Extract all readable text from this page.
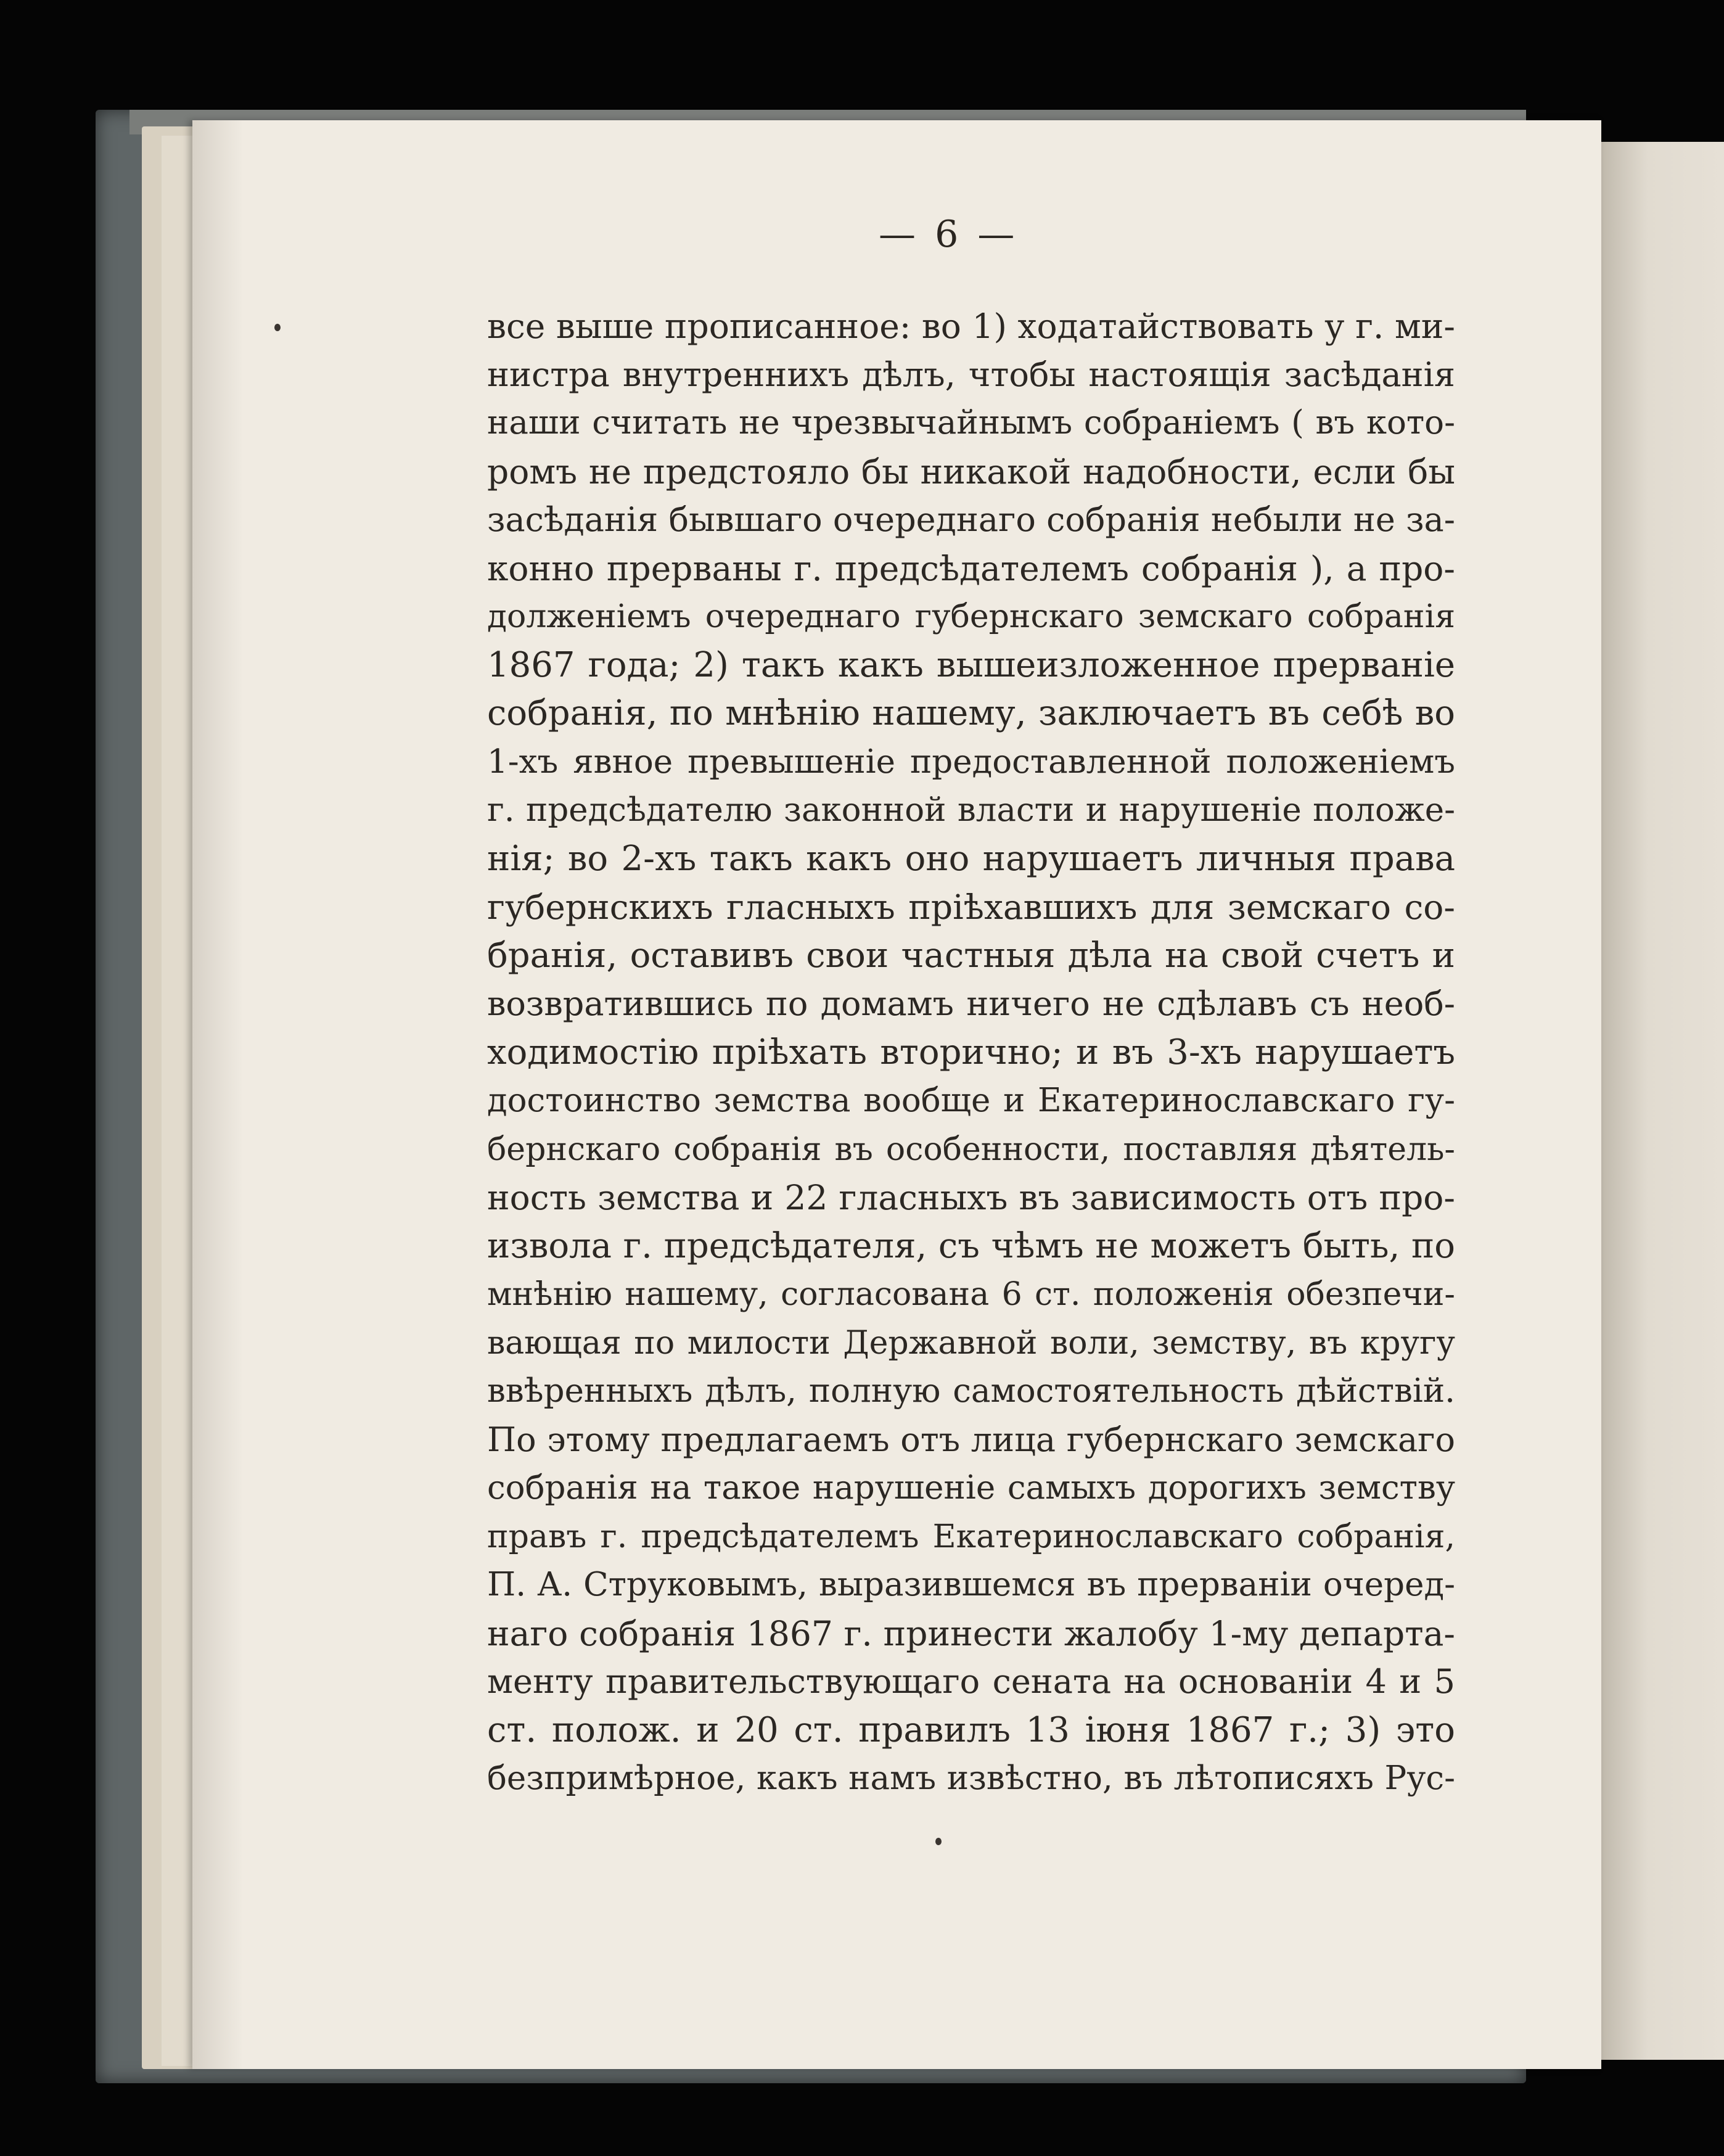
— 6 —
все выше прописанное: во 1) ходатайствовать у г. ми-
нистра внутреннихъ дѣлъ, чтобы настоящія засѣданія
наши считать не чрезвычайнымъ собраніемъ ( въ кото-
ромъ не предстояло бы никакой надобности, если бы
засѣданія бывшаго очереднаго собранія небыли не за-
конно прерваны г. предсѣдателемъ собранія ), а про-
долженіемъ очереднаго губернскаго земскаго собранія
1867 года; 2) такъ какъ вышеизложенное прерваніе
собранія, по мнѣнію нашему, заключаетъ въ себѣ во
1-хъ явное превышеніе предоставленной положеніемъ
г. предсѣдателю законной власти и нарушеніе положе-
нія; во 2-хъ такъ какъ оно нарушаетъ личныя права
губернскихъ гласныхъ пріѣхавшихъ для земскаго со-
бранія, оставивъ свои частныя дѣла на свой счетъ и
возвратившись по домамъ ничего не сдѣлавъ съ необ-
ходимостію пріѣхать вторично; и въ 3-хъ нарушаетъ
достоинство земства вообще и Екатеринославскаго гу-
бернскаго собранія въ особенности, поставляя дѣятель-
ность земства и 22 гласныхъ въ зависимость отъ про-
извола г. предсѣдателя, съ чѣмъ не можетъ быть, по
мнѣнію нашему, согласована 6 ст. положенія обезпечи-
вающая по милости Державной воли, земству, въ кругу
ввѣренныхъ дѣлъ, полную самостоятельность дѣйствій.
По этому предлагаемъ отъ лица губернскаго земскаго
собранія на такое нарушеніе самыхъ дорогихъ земству
правъ г. предсѣдателемъ Екатеринославскаго собранія,
П. А. Струковымъ, выразившемся въ прерваніи очеред-
наго собранія 1867 г. принести жалобу 1-му департа-
менту правительствующаго сената на основаніи 4 и 5
ст. полож. и 20 ст. правилъ 13 іюня 1867 г.; 3) это
безпримѣрное, какъ намъ извѣстно, въ лѣтописяхъ Рус-
